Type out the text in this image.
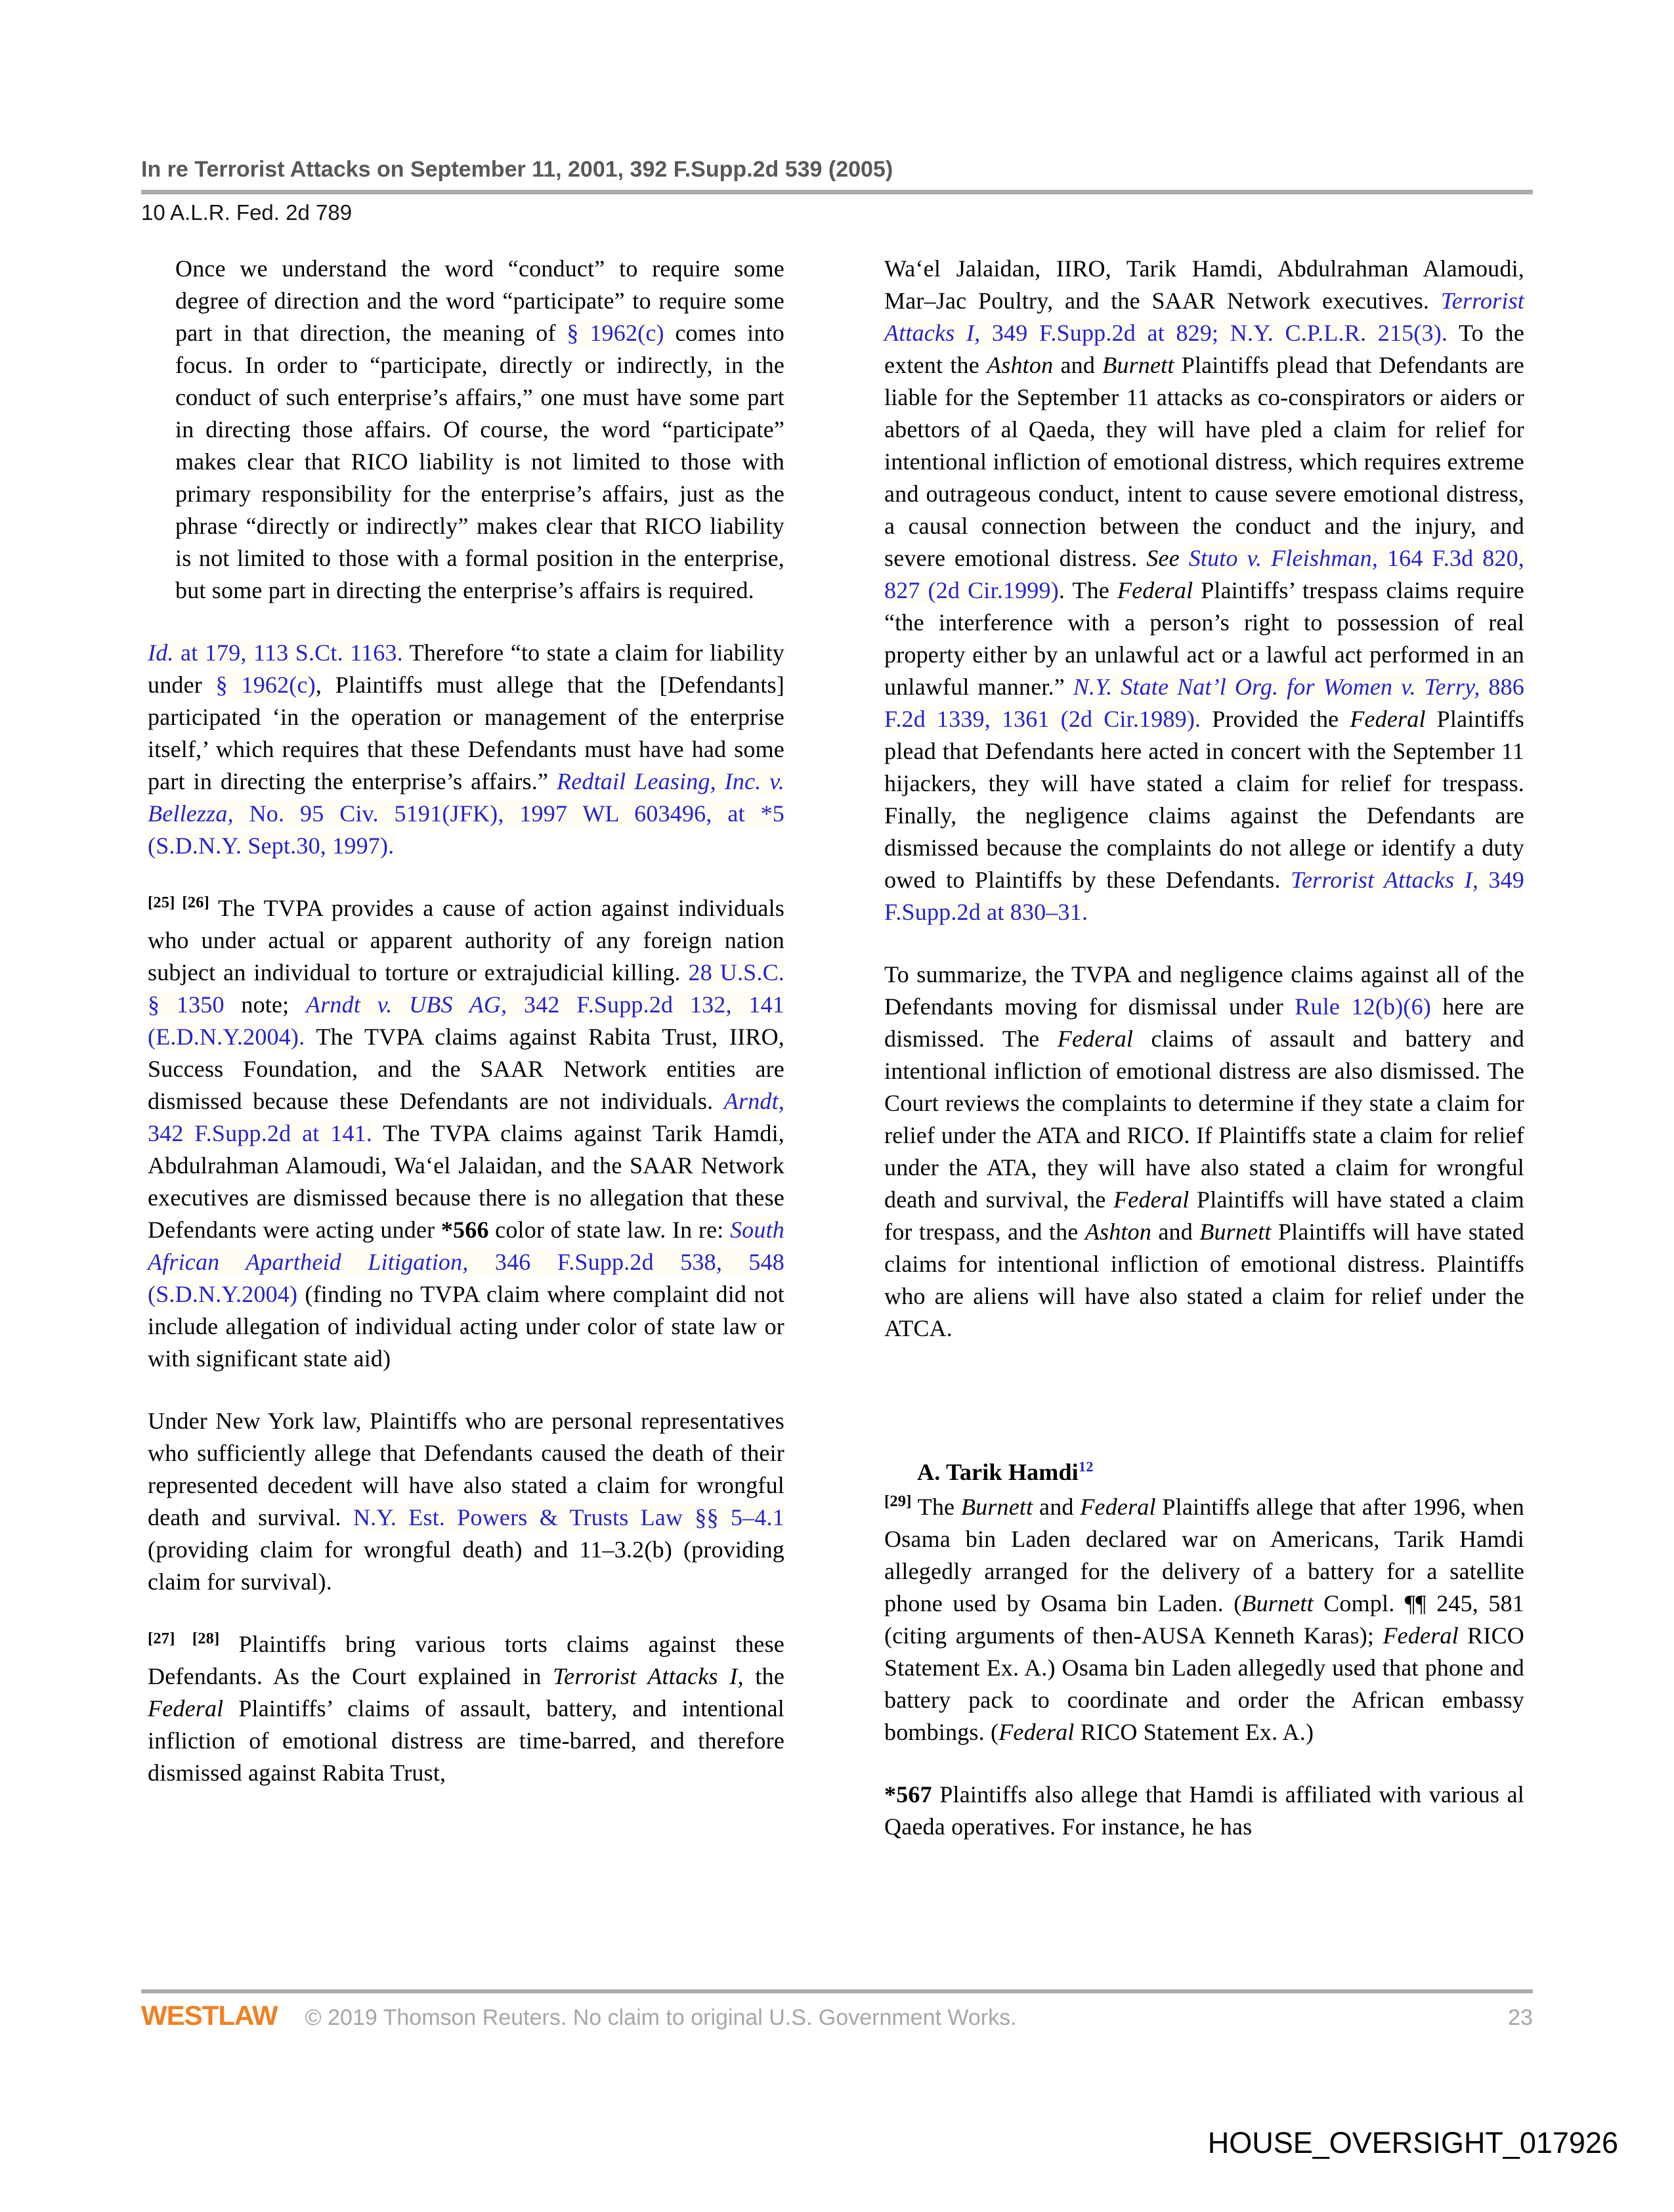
In re Terrorist Attacks on September 11, 2001, 392 F.Supp.2d 539 (2005)
10 A.L.R. Fed. 2d 789

Once we understand the word “conduct” to require some degree of direction and the word “participate” to require some part in that direction, the meaning of § 1962(c) comes into focus. In order to “participate, directly or indirectly, in the conduct of such enterprise’s affairs,” one must have some part in directing those affairs. Of course, the word “participate” makes clear that RICO liability is not limited to those with primary responsibility for the enterprise’s affairs, just as the phrase “directly or indirectly” makes clear that RICO liability is not limited to those with a formal position in the enterprise, but some part in directing the enterprise’s affairs is required.

Id. at 179, 113 S.Ct. 1163. Therefore “to state a claim for liability under § 1962(c), Plaintiffs must allege that the [Defendants] participated ‘in the operation or management of the enterprise itself,’ which requires that these Defendants must have had some part in directing the enterprise’s affairs.” Redtail Leasing, Inc. v. Bellezza, No. 95 Civ. 5191(JFK), 1997 WL 603496, at *5 (S.D.N.Y. Sept.30, 1997).

[25] [26] The TVPA provides a cause of action against individuals who under actual or apparent authority of any foreign nation subject an individual to torture or extrajudicial killing. 28 U.S.C. § 1350 note; Arndt v. UBS AG, 342 F.Supp.2d 132, 141 (E.D.N.Y.2004). The TVPA claims against Rabita Trust, IIRO, Success Foundation, and the SAAR Network entities are dismissed because these Defendants are not individuals. Arndt, 342 F.Supp.2d at 141. The TVPA claims against Tarik Hamdi, Abdulrahman Alamoudi, Wa‘el Jalaidan, and the SAAR Network executives are dismissed because there is no allegation that these Defendants were acting under *566 color of state law. In re: South African Apartheid Litigation, 346 F.Supp.2d 538, 548 (S.D.N.Y.2004) (finding no TVPA claim where complaint did not include allegation of individual acting under color of state law or with significant state aid)

Under New York law, Plaintiffs who are personal representatives who sufficiently allege that Defendants caused the death of their represented decedent will have also stated a claim for wrongful death and survival. N.Y. Est. Powers & Trusts Law §§ 5–4.1 (providing claim for wrongful death) and 11–3.2(b) (providing claim for survival).

[27] [28] Plaintiffs bring various torts claims against these Defendants. As the Court explained in Terrorist Attacks I, the Federal Plaintiffs’ claims of assault, battery, and intentional infliction of emotional distress are time-barred, and therefore dismissed against Rabita Trust,

Wa‘el Jalaidan, IIRO, Tarik Hamdi, Abdulrahman Alamoudi, Mar–Jac Poultry, and the SAAR Network executives. Terrorist Attacks I, 349 F.Supp.2d at 829; N.Y. C.P.L.R. 215(3). To the extent the Ashton and Burnett Plaintiffs plead that Defendants are liable for the September 11 attacks as co-conspirators or aiders or abettors of al Qaeda, they will have pled a claim for relief for intentional infliction of emotional distress, which requires extreme and outrageous conduct, intent to cause severe emotional distress, a causal connection between the conduct and the injury, and severe emotional distress. See Stuto v. Fleishman, 164 F.3d 820, 827 (2d Cir.1999). The Federal Plaintiffs’ trespass claims require “the interference with a person’s right to possession of real property either by an unlawful act or a lawful act performed in an unlawful manner.” N.Y. State Nat’l Org. for Women v. Terry, 886 F.2d 1339, 1361 (2d Cir.1989). Provided the Federal Plaintiffs plead that Defendants here acted in concert with the September 11 hijackers, they will have stated a claim for relief for trespass. Finally, the negligence claims against the Defendants are dismissed because the complaints do not allege or identify a duty owed to Plaintiffs by these Defendants. Terrorist Attacks I, 349 F.Supp.2d at 830–31.

To summarize, the TVPA and negligence claims against all of the Defendants moving for dismissal under Rule 12(b)(6) here are dismissed. The Federal claims of assault and battery and intentional infliction of emotional distress are also dismissed. The Court reviews the complaints to determine if they state a claim for relief under the ATA and RICO. If Plaintiffs state a claim for relief under the ATA, they will have also stated a claim for wrongful death and survival, the Federal Plaintiffs will have stated a claim for trespass, and the Ashton and Burnett Plaintiffs will have stated claims for intentional infliction of emotional distress. Plaintiffs who are aliens will have also stated a claim for relief under the ATCA.

A. Tarik Hamdi$^{12}$

[29] The Burnett and Federal Plaintiffs allege that after 1996, when Osama bin Laden declared war on Americans, Tarik Hamdi allegedly arranged for the delivery of a battery for a satellite phone used by Osama bin Laden. (Burnett Compl. ¶¶ 245, 581 (citing arguments of then-AUSA Kenneth Karas); Federal RICO Statement Ex. A.) Osama bin Laden allegedly used that phone and battery pack to coordinate and order the African embassy bombings. (Federal RICO Statement Ex. A.)

*567 Plaintiffs also allege that Hamdi is affiliated with various al Qaeda operatives. For instance, he has

WESTLAW © 2019 Thomson Reuters. No claim to original U.S. Government Works.	23
HOUSE_OVERSIGHT_017926
